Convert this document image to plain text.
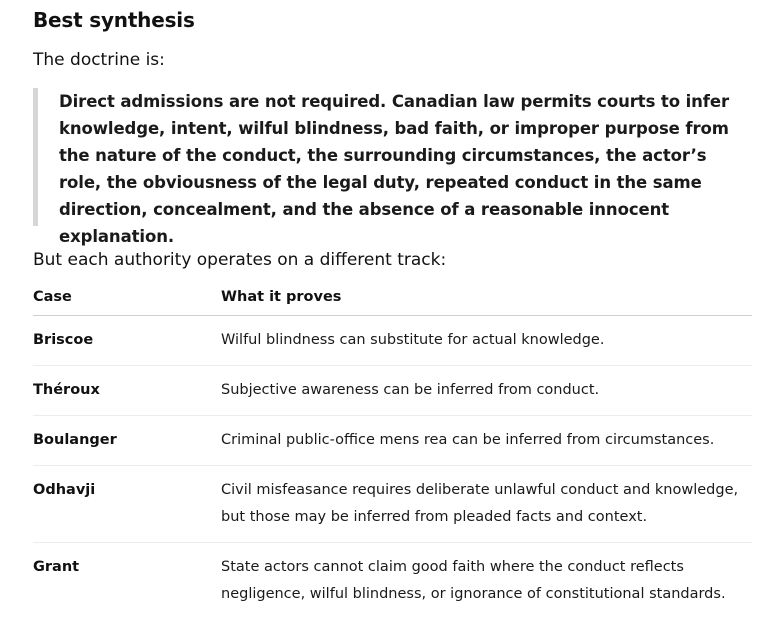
Best synthesis
The doctrine is:
Direct admissions are not required. Canadian law permits courts to infer knowledge, intent, wilful blindness, bad faith, or improper purpose from the nature of the conduct, the surrounding circumstances, the actor’s role, the obviousness of the legal duty, repeated conduct in the same direction, concealment, and the absence of a reasonable innocent explanation.
But each authority operates on a different track:
Case	What it proves
Briscoe	Wilful blindness can substitute for actual knowledge.
Théroux	Subjective awareness can be inferred from conduct.
Boulanger	Criminal public-office mens rea can be inferred from circumstances.
Odhavji	Civil misfeasance requires deliberate unlawful conduct and knowledge, but those may be inferred from pleaded facts and context.
Grant	State actors cannot claim good faith where the conduct reflects negligence, wilful blindness, or ignorance of constitutional standards.
